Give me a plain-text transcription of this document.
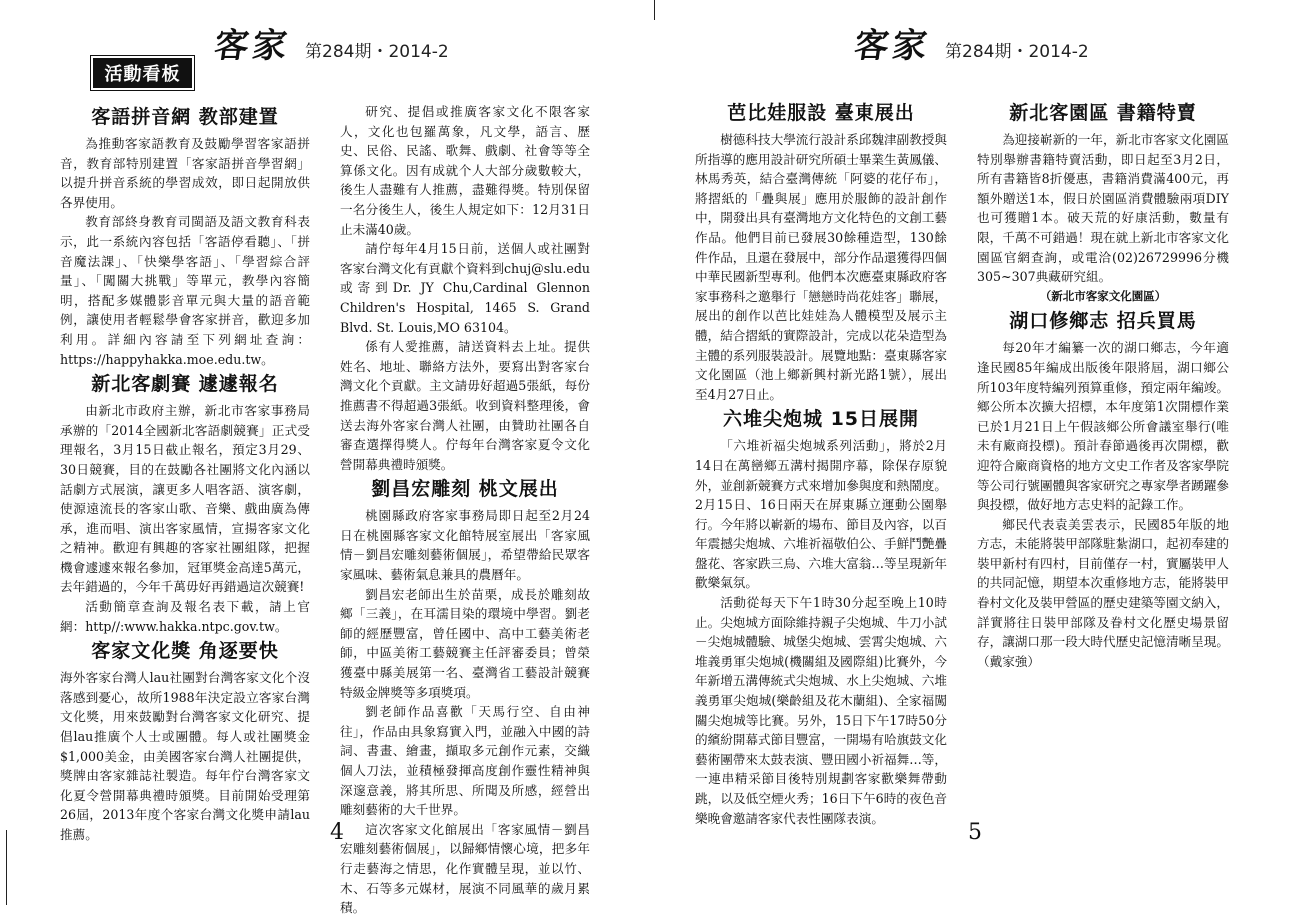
客家 第284期・2014-2
活動看板
客語拼音網 教部建置

為推動客家語教育及鼓勵學習客家語拼音，教育部特別建置「客家語拼音學習網」以提升拼音系統的學習成效，即日起開放供各界使用。

教育部終身教育司閩語及語文教育科表示，此一系統內容包括「客語停看聽」、「拼音魔法課」、「快樂學客語」、「學習綜合評量」、「闖關大挑戰」等單元，教學內容簡明，搭配多媒體影音單元與大量的語音範例，讓使用者輕鬆學會客家拼音，歡迎多加利用。詳細內容請至下列網址查詢：https://happyhakka.moe.edu.tw。

新北客劇賽 遽遽報名

由新北市政府主辦，新北市客家事務局承辦的「2014全國新北客語劇競賽」正式受理報名，3月15日截止報名，預定3月29、30日競賽，目的在鼓勵各社團將文化內涵以話劇方式展演，讓更多人唱客語、演客劇，使源遠流長的客家山歌、音樂、戲曲廣為傳承，進而唱、演出客家風情，宣揚客家文化之精神。歡迎有興趣的客家社團組隊，把握機會遽遽來報名參加，冠軍獎金高達5萬元，去年錯過的，今年千萬毋好再錯過這次競賽!

活動簡章查詢及報名表下載，請上官網：http//:www.hakka.ntpc.gov.tw。

客家文化獎 角逐要快

海外客家台灣人lau社團對台灣客家文化个沒落感到憂心，故所1988年決定設立客家台灣文化獎，用來鼓勵對台灣客家文化研究、提倡lau推廣个人士或團體。每人或社團獎金$1,000美金，由美國客家台灣人社團提供，獎牌由客家雜誌社製造。每年佇台灣客家文化夏令營開幕典禮時頒獎。目前開始受理第26屆，2013年度个客家台灣文化獎申請lau推薦。

研究、提倡或推廣客家文化不限客家人，文化也包羅萬象，凡文學，語言、歷史、民俗、民謠、歌舞、戲劇、社會等等全算係文化。因有成就个人大部分歲數較大，後生人盡難有人推薦，盡難得獎。特別保留一名分後生人，後生人規定如下：12月31日止未滿40歲。

請佇每年4月15日前，送個人或社團對客家台灣文化有貢獻个資料到chuj@slu.edu或寄到Dr. JY Chu,Cardinal Glennon Children's Hospital, 1465 S. Grand Blvd. St. Louis,MO 63104。

係有人愛推薦，請送資料去上址。提供姓名、地址、聯絡方法外，要寫出對客家台灣文化个貢獻。主文請毋好超過5張紙，每份推薦書不得超過3張紙。收到資料整理後，會送去海外客家台灣人社團，由贊助社團各自審查選擇得獎人。佇每年台灣客家夏令文化營開幕典禮時頒獎。

劉昌宏雕刻 桃文展出

桃園縣政府客家事務局即日起至2月24日在桃園縣客家文化館特展室展出「客家風情－劉昌宏雕刻藝術個展」，希望帶給民眾客家風味、藝術氣息兼具的農曆年。

劉昌宏老師出生於苗栗，成長於雕刻故鄉「三義」，在耳濡目染的環境中學習。劉老師的經歷豐富，曾任國中、高中工藝美術老師，中區美術工藝競賽主任評審委員；曾榮獲臺中縣美展第一名、臺灣省工藝設計競賽特級金牌獎等多項獎項。

劉老師作品喜歡「天馬行空、自由神往」，作品由具象寫實入門，並融入中國的詩詞、書畫、繪畫，擷取多元創作元素，交織個人刀法，並積極發揮高度創作靈性精神與深邃意義，將其所思、所聞及所感，經營出雕刻藝術的大千世界。

這次客家文化館展出「客家風情－劉昌宏雕刻藝術個展」，以歸鄉情懷心境，把多年行走藝海之情思，化作實體呈現，並以竹、木、石等多元媒材，展演不同風華的歲月累積。

4
客家 第284期・2014-2
芭比娃服設 臺東展出

樹德科技大學流行設計系邱魏津副教授與所指導的應用設計研究所碩士畢業生黃鳳儀、林馬秀英，結合臺灣傳統「阿婆的花仔布」，將摺紙的「疊與展」應用於服飾的設計創作中，開發出具有臺灣地方文化特色的文創工藝作品。他們目前已發展30餘種造型，130餘件作品，且還在發展中，部分作品還獲得四個中華民國新型專利。他們本次應臺東縣政府客家事務科之邀舉行「戀戀時尚花娃客」聯展，展出的創作以芭比娃娃為人體模型及展示主體，結合摺紙的實際設計，完成以花朵造型為主體的系列服裝設計。展覽地點：臺東縣客家文化園區（池上鄉新興村新光路1號），展出至4月27日止。

六堆尖炮城 15日展開

「六堆祈福尖炮城系列活動」，將於2月14日在萬巒鄉五溝村揭開序幕，除保存原貌外，並創新競賽方式來增加參與度和熱鬧度。2月15日、16日兩天在屏東縣立運動公園舉行。今年將以嶄新的場布、節目及內容，以百年震撼尖炮城、六堆祈福敬伯公、手鮮鬥艷疊盤花、客家跌三烏、六堆大富翁…等呈現新年歡樂氣氛。

活動從每天下午1時30分起至晚上10時止。尖炮城方面除維持親子尖炮城、牛刀小試－尖炮城體驗、城堡尖炮城、雲霄尖炮城、六堆義勇軍尖炮城(機關組及國際組)比賽外，今年新增五溝傳統式尖炮城、水上尖炮城、六堆義勇軍尖炮城(樂齡組及花木蘭組)、全家福闖關尖炮城等比賽。另外，15日下午17時50分的繽紛開幕式節目豐富，一開場有哈旗鼓文化藝術團帶來太鼓表演、豐田國小祈福舞…等，一連串精采節目後特別規劃客家歡樂舞帶動跳，以及低空煙火秀；16日下午6時的夜色音樂晚會邀請客家代表性團隊表演。

新北客園區 書籍特賣

為迎接嶄新的一年，新北市客家文化園區特別舉辦書籍特賣活動，即日起至3月2日，所有書籍皆8折優惠，書籍消費滿400元，再額外贈送1本，假日於園區消費體驗兩項DIY也可獲贈1本。破天荒的好康活動，數量有限，千萬不可錯過！現在就上新北市客家文化園區官網查詢，或電洽(02)26729996分機305~307典藏研究組。

（新北市客家文化園區）
湖口修鄉志 招兵買馬

每20年才編纂一次的湖口鄉志，今年適逢民國85年編成出版後年限將屆，湖口鄉公所103年度特編列預算重修，預定兩年編竣。鄉公所本次擴大招標，本年度第1次開標作業已於1月21日上午假該鄉公所會議室舉行(唯未有廠商投標)。預計春節過後再次開標，歡迎符合廠商資格的地方文史工作者及客家學院等公司行號團體與客家研究之專家學者踴躍參與投標，做好地方志史料的記錄工作。

鄉民代表袁美雲表示，民國85年版的地方志，未能將裝甲部隊駐紮湖口，起初奉建的裝甲新村有四村，目前僅存一村，實屬裝甲人的共同記憶，期望本次重修地方志，能將裝甲眷村文化及裝甲營區的歷史建築等園文納入，詳實將往日裝甲部隊及眷村文化歷史場景留存，讓湖口那一段大時代歷史記憶清晰呈現。（戴家強）

5
